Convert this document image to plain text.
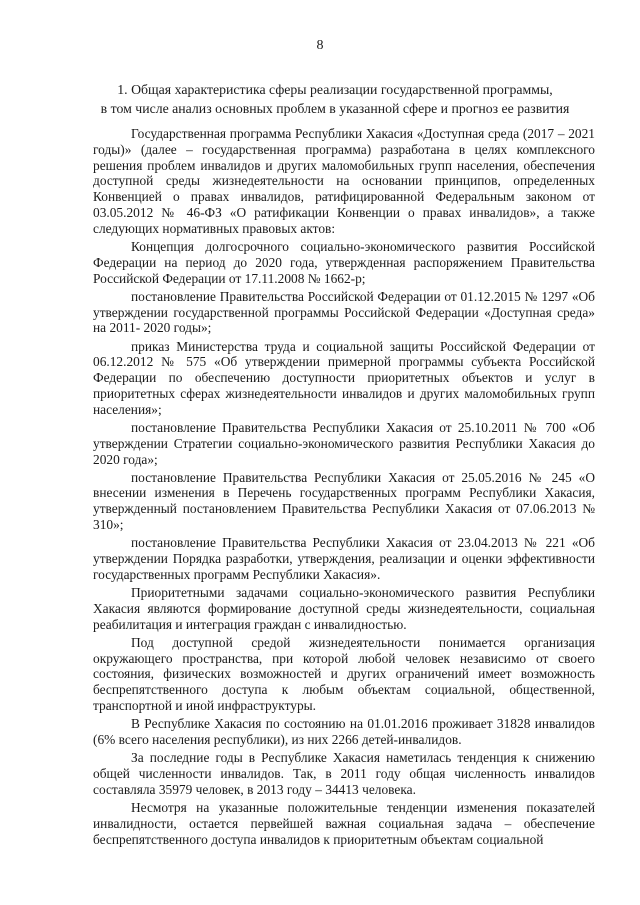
8
1. Общая характеристика сферы реализации государственной программы,
в том числе анализ основных проблем в указанной сфере и прогноз ее развития

Государственная программа Республики Хакасия «Доступная среда (2017 – 2021 годы)» (далее – государственная программа) разработана в целях комплексного решения проблем инвалидов и других маломобильных групп населения, обеспечения доступной среды жизнедеятельности на основании принципов, определенных Конвенцией о правах инвалидов, ратифицированной Федеральным законом от 03.05.2012 № 46-ФЗ «О ратификации Конвенции о правах инвалидов», а также следующих нормативных правовых актов:

Концепция долгосрочного социально-экономического развития Российской Федерации на период до 2020 года, утвержденная распоряжением Правительства Российской Федерации от 17.11.2008 № 1662-р;

постановление Правительства Российской Федерации от 01.12.2015 № 1297 «Об утверждении государственной программы Российской Федерации «Доступная среда» на 2011- 2020 годы»;

приказ Министерства труда и социальной защиты Российской Федерации от 06.12.2012 № 575 «Об утверждении примерной программы субъекта Российской Федерации по обеспечению доступности приоритетных объектов и услуг в приоритетных сферах жизнедеятельности инвалидов и других маломобильных групп населения»;

постановление Правительства Республики Хакасия от 25.10.2011 № 700 «Об утверждении Стратегии социально-экономического развития Республики Хакасия до 2020 года»;

постановление Правительства Республики Хакасия от 25.05.2016 № 245 «О внесении изменения в Перечень государственных программ Республики Хакасия, утвержденный постановлением Правительства Республики Хакасия от 07.06.2013 № 310»;

постановление Правительства Республики Хакасия от 23.04.2013 № 221 «Об утверждении Порядка разработки, утверждения, реализации и оценки эффективности государственных программ Республики Хакасия».

Приоритетными задачами социально-экономического развития Республики Хакасия являются формирование доступной среды жизнедеятельности, социальная реабилитация и интеграция граждан с инвалидностью.

Под доступной средой жизнедеятельности понимается организация окружающего пространства, при которой любой человек независимо от своего состояния, физических возможностей и других ограничений имеет возможность беспрепятственного доступа к любым объектам социальной, общественной, транспортной и иной инфраструктуры.

В Республике Хакасия по состоянию на 01.01.2016 проживает 31828 инвалидов (6% всего населения республики), из них 2266 детей-инвалидов.

За последние годы в Республике Хакасия наметилась тенденция к снижению общей численности инвалидов. Так, в 2011 году общая численность инвалидов составляла 35979 человек, в 2013 году – 34413 человека.

Несмотря на указанные положительные тенденции изменения показателей инвалидности, остается первейшей важная социальная задача – обеспечение беспрепятственного доступа инвалидов к приоритетным объектам социальной
